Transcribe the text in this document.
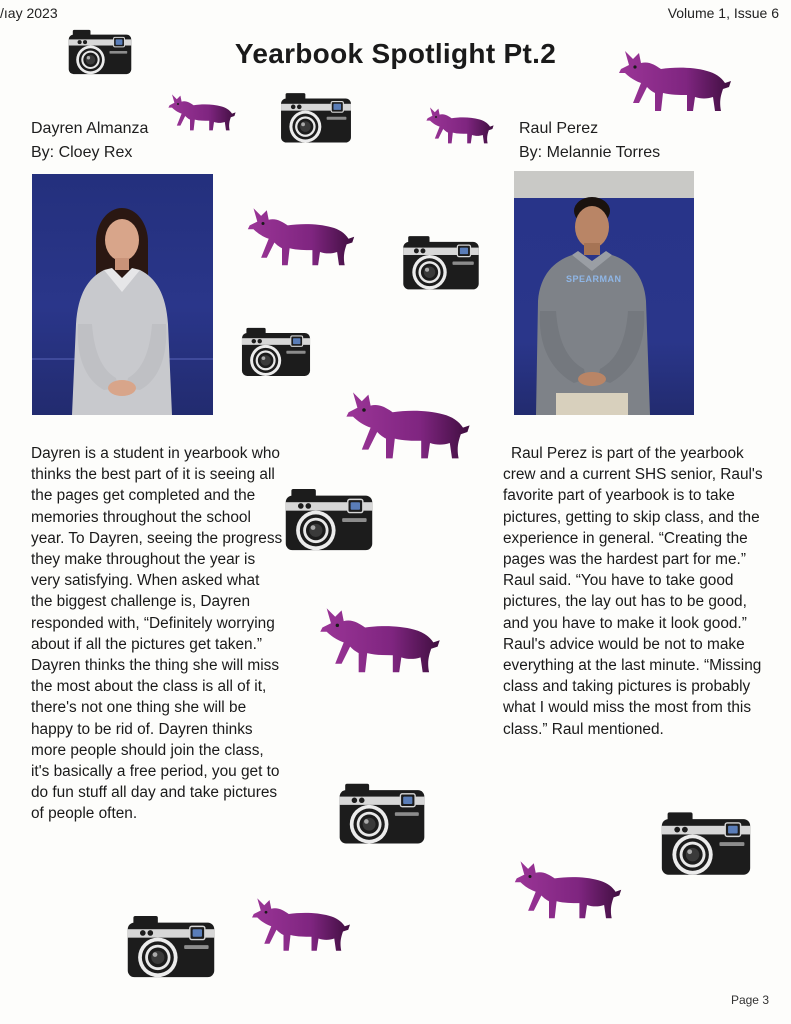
/ıay 2023	Volume 1, Issue 6
Yearbook Spotlight Pt.2
Dayren Almanza
By: Cloey Rex
Raul Perez
By: Melannie Torres
SPEARMAN

Dayren is a student in yearbook who thinks the best part of it is seeing all the pages get completed and the memories throughout the school year. To Dayren, seeing the progress they make throughout the year is very satisfying. When asked what the biggest challenge is, Dayren responded with, “Definitely worrying about if all the pictures get taken.” Dayren thinks the thing she will miss the most about the class is all of it, there's not one thing she will be happy to be rid of. Dayren thinks more people should join the class, it's basically a free period, you get to do fun stuff all day and take pictures of people often.

Raul Perez is part of the yearbook crew and a current SHS senior, Raul's favorite part of yearbook is to take pictures, getting to skip class, and the experience in general. “Creating the pages was the hardest part for me.” Raul said. “You have to take good pictures, the lay out has to be good, and you have to make it look good.” Raul's advice would be not to make everything at the last minute. “Missing class and taking pictures is probably what I would miss the most from this class.” Raul mentioned.

Page 3
